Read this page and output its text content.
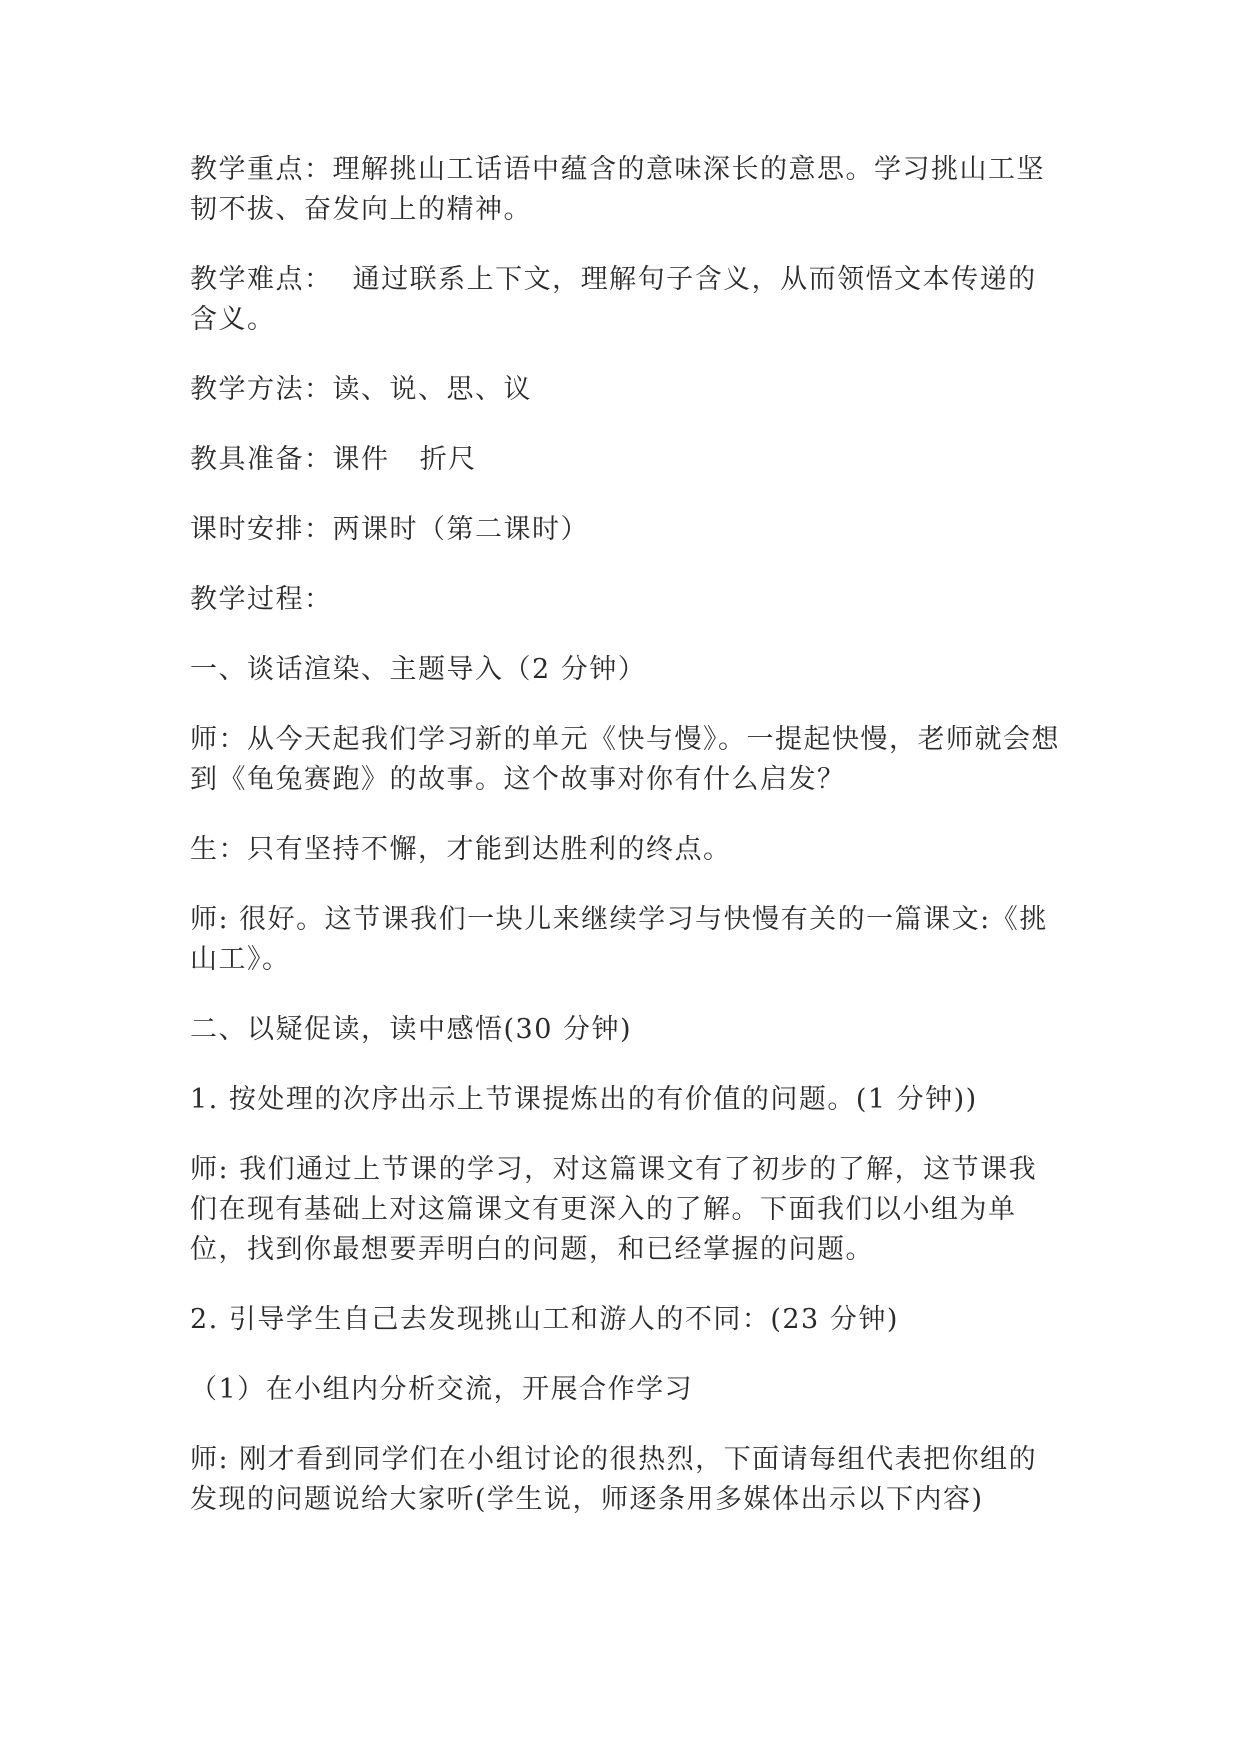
教学重点：理解挑山工话语中蕴含的意味深长的意思。学习挑山工坚韧不拔、奋发向上的精神。

教学难点：  通过联系上下文，理解句子含义，从而领悟文本传递的含义。

教学方法：读、说、思、议

教具准备：课件   折尺

课时安排：两课时（第二课时）

教学过程：

一、谈话渲染、主题导入（2 分钟）

师：从今天起我们学习新的单元《快与慢》。一提起快慢，老师就会想到《龟兔赛跑》的故事。这个故事对你有什么启发？

生：只有坚持不懈，才能到达胜利的终点。

师: 很好。这节课我们一块儿来继续学习与快慢有关的一篇课文:《挑山工》。

二、以疑促读，读中感悟(30 分钟)

1. 按处理的次序出示上节课提炼出的有价值的问题。(1 分钟))

师: 我们通过上节课的学习，对这篇课文有了初步的了解，这节课我们在现有基础上对这篇课文有更深入的了解。下面我们以小组为单位，找到你最想要弄明白的问题，和已经掌握的问题。

2. 引导学生自己去发现挑山工和游人的不同：(23 分钟)

（1）在小组内分析交流，开展合作学习

师: 刚才看到同学们在小组讨论的很热烈，下面请每组代表把你组的发现的问题说给大家听(学生说，师逐条用多媒体出示以下内容)
